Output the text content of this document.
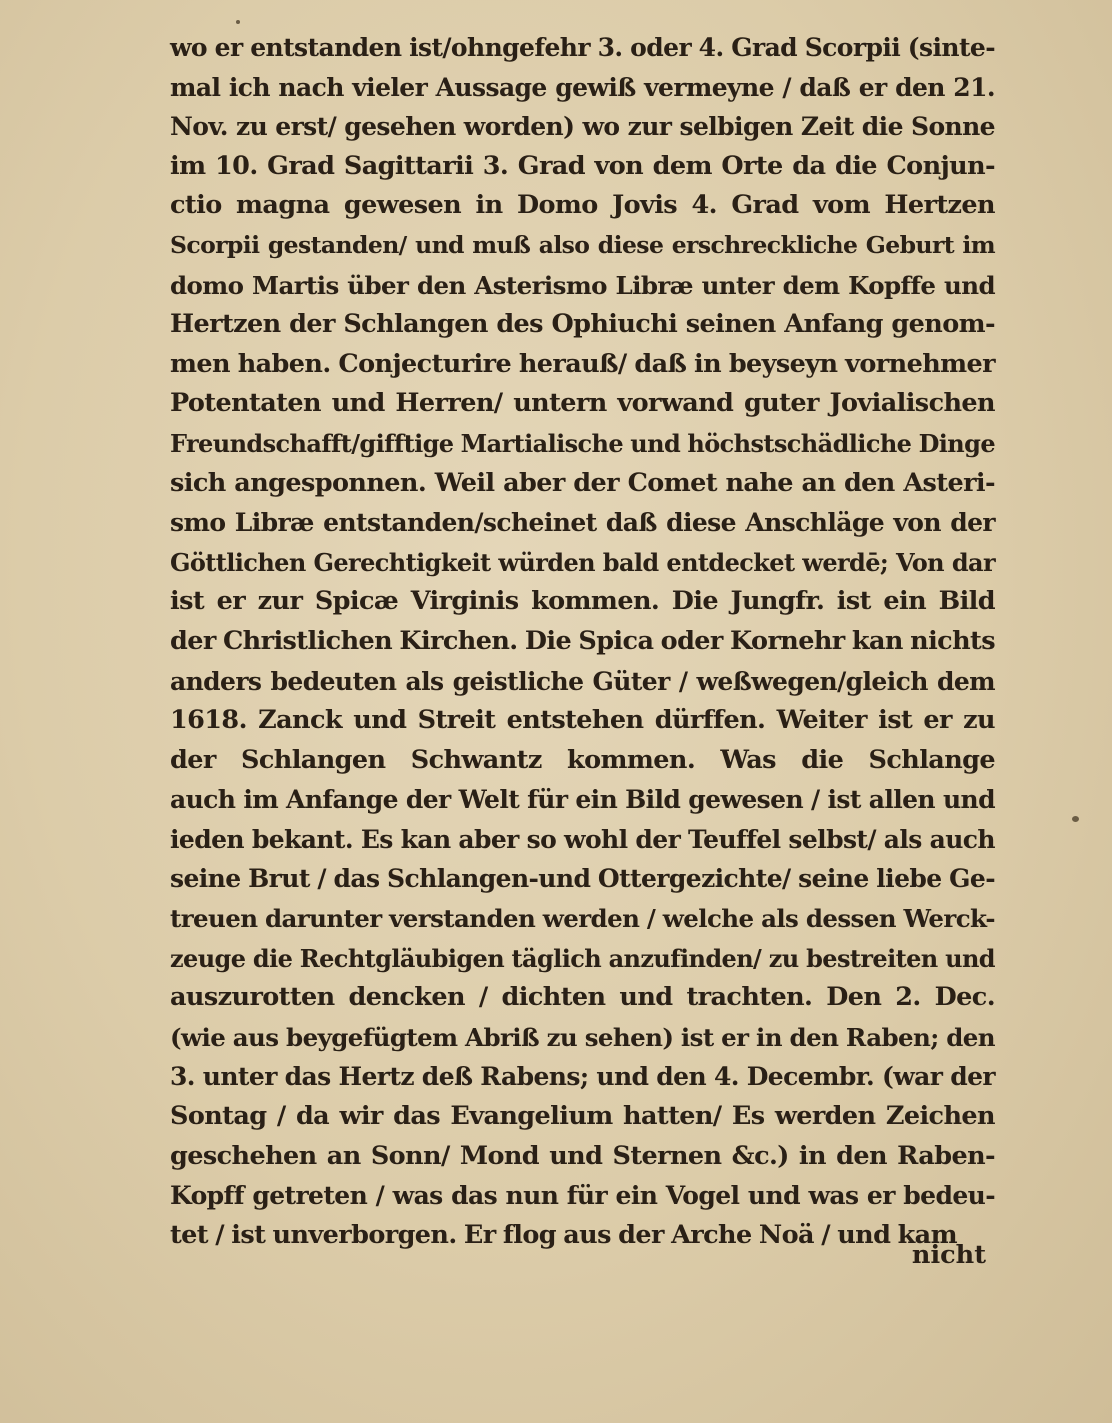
wo er entstanden ist/ohngefehr 3. oder 4. Grad Scorpii (sinte-
mal ich nach vieler Aussage gewiß vermeyne / daß er den 21.
Nov. zu erst/ gesehen worden) wo zur selbigen Zeit die Sonne
im 10. Grad Sagittarii 3. Grad von dem Orte da die Conjun-
ctio magna gewesen in Domo Jovis 4. Grad vom Hertzen
Scorpii gestanden/ und muß also diese erschreckliche Geburt im
domo Martis über den Asterismo Libræ unter dem Kopffe und
Hertzen der Schlangen des Ophiuchi seinen Anfang genom-
men haben. Conjecturire herauß/ daß in beyseyn vornehmer
Potentaten und Herren/ untern vorwand guter Jovialischen
Freundschafft/gifftige Martialische und höchstschädliche Dinge
sich angesponnen. Weil aber der Comet nahe an den Asteri-
smo Libræ entstanden/scheinet daß diese Anschläge von der
Göttlichen Gerechtigkeit würden bald entdecket werdē; Von dar
ist er zur Spicæ Virginis kommen. Die Jungfr. ist ein Bild
der Christlichen Kirchen. Die Spica oder Kornehr kan nichts
anders bedeuten als geistliche Güter / weßwegen/gleich dem
1618. Zanck und Streit entstehen dürffen. Weiter ist er zu
der Schlangen Schwantz kommen. Was die Schlange
auch im Anfange der Welt für ein Bild gewesen / ist allen und
ieden bekant. Es kan aber so wohl der Teuffel selbst/ als auch
seine Brut / das Schlangen-und Ottergezichte/ seine liebe Ge-
treuen darunter verstanden werden / welche als dessen Werck-
zeuge die Rechtgläubigen täglich anzufinden/ zu bestreiten und
auszurotten dencken / dichten und trachten. Den 2. Dec.
(wie aus beygefügtem Abriß zu sehen) ist er in den Raben; den
3. unter das Hertz deß Rabens; und den 4. Decembr. (war der
Sontag / da wir das Evangelium hatten/ Es werden Zeichen
geschehen an Sonn/ Mond und Sternen &c.) in den Raben-
Kopff getreten / was das nun für ein Vogel und was er bedeu-
tet / ist unverborgen. Er flog aus der Arche Noä / und kam
nicht
